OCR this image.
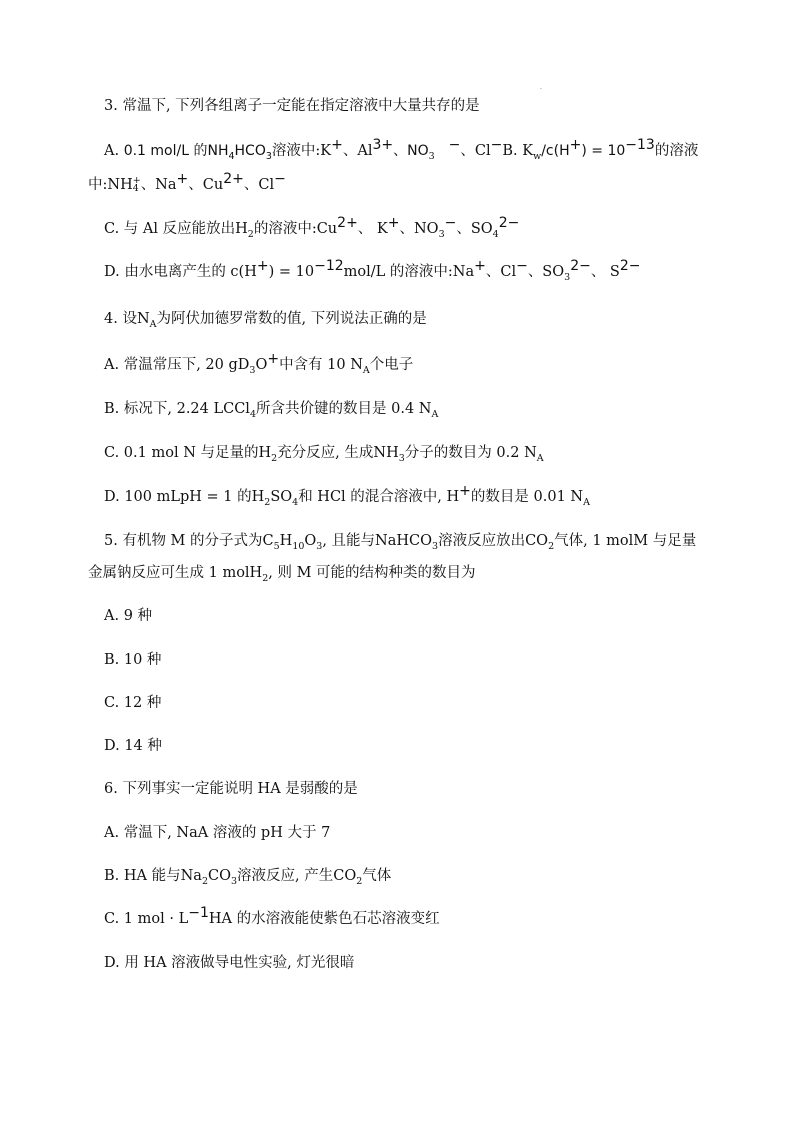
.
3. 常温下, 下列各组离子一定能在指定溶液中大量共存的是
A. 0.1 mol/L 的$NH_4HCO_3$溶液中:K+、$Al^{3+}$、$NO_3^-$、Cl−B. $K_w/c(H^+) = 10^{-13}$的溶液
中:NH +
4 、Na+、$Cu^{2+}$、Cl−
C. 与 Al 反应能放出$H_2$的溶液中$:Cu^{2+}$、 K+、$NO_3^-$、$SO_4^{2-}$
D. 由水电离产生的 $c(H^+) = 10^{-12}mol/L$ 的溶液中:Na+、Cl−、$SO_3^{2-}$、 $S^{2-}$
4. 设$N_A$为阿伏加德罗常数的值, 下列说法正确的是
A. 常温常压下, 20 $gD_3O^+$中含有 10 $N_A$个电子
B. 标况下, 2.24 LCCl$_4$所含共价键的数目是 0.4 $N_A$
C. 0.1 mol N 与足量的$H_2$充分反应, 生成$NH_3$分子的数目为 0.2 $N_A$
D. 100 mLpH = 1 的$H_2SO_4$和 HCl 的混合溶液中, H+的数目是 0.01 $N_A$
5. 有机物 M 的分子式为$C_5H_{10}O_3$, 且能与NaHCO$_3$溶液反应放出$CO_2$气体, 1 molM 与足量
金属钠反应可生成 1 molH$_2$, 则 M 可能的结构种类的数目为
A. 9 种
B. 10 种
C. 12 种
D. 14 种
6. 下列事实一定能说明 HA 是弱酸的是
A. 常温下, NaA 溶液的 pH 大于 7
B. HA 能与$Na_2CO_3$溶液反应, 产生$CO_2$气体
C. 1 mol · $L^{-1}HA$ 的水溶液能使紫色石芯溶液变红
D. 用 HA 溶液做导电性实验, 灯光很暗
